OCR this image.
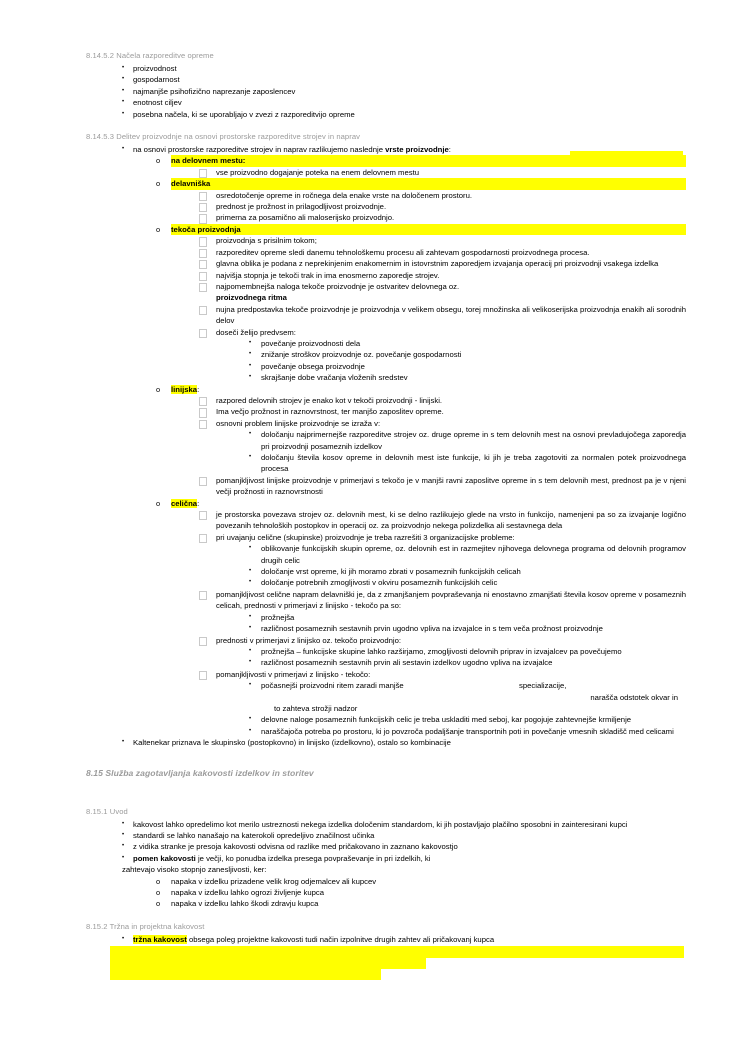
8.14.5.2 Načela razporeditve opreme
•
proizvodnost
•
gospodarnost
•
najmanjše psihofizično naprezanje zaposlencev
•
enotnost ciljev
•
posebna načela, ki se uporabljajo v zvezi z razporeditvijo opreme
8.14.5.3 Delitev proizvodnje na osnovi prostorske razporeditve strojev in naprav
•
na osnovi prostorske razporeditve strojev in naprav razlikujemo naslednje vrste proizvodnje:
o
na delovnem mestu:
vse proizvodno dogajanje poteka na enem delovnem mestu
o
delavniška
osredotočenje opreme in ročnega dela enake vrste na določenem prostoru.
prednost je prožnost in prilagodljivost proizvodnje.
primerna za posamično ali maloserijsko proizvodnjo.
o
tekoča proizvodnja
proizvodnja s prisilnim tokom;
razporeditev opreme sledi danemu tehnološkemu procesu ali zahtevam gospodarnosti proizvodnega procesa.
glavna oblika je podana z neprekinjenim enakomernim in istovrstnim zaporedjem izvajanja operacij pri proizvodnji vsakega izdelka
najvišja stopnja je tekoči trak in ima enosmerno zaporedje strojev.
najpomembnejša naloga tekoče proizvodnje je ostvaritev delovnega oz.
proizvodnega ritma
nujna predpostavka tekoče proizvodnje je proizvodnja v velikem obsegu, torej množinska ali velikoserijska proizvodnja enakih ali sorodnih delov
doseči želijo predvsem:
•
povečanje proizvodnosti dela
•
znižanje stroškov proizvodnje oz. povečanje gospodarnosti
•
povečanje obsega proizvodnje
•
skrajšanje dobe vračanja vloženih sredstev
o
linijska:
razpored delovnih strojev je enako kot v tekoči proizvodnji - linijski.
Ima večjo prožnost in raznovrstnost, ter manjšo zaposlitev opreme.
osnovni problem linijske proizvodnje se izraža v:
•
določanju najprimernejše razporeditve strojev oz. druge opreme in s tem delovnih mest na osnovi prevladujočega zaporedja pri proizvodnji posameznih izdelkov
•
določanju števila kosov opreme in delovnih mest iste funkcije, ki jih je treba zagotoviti za normalen potek proizvodnega procesa
pomanjkljivost linijske proizvodnje v primerjavi s tekočo je v manjši ravni zaposlitve opreme in s tem delovnih mest, prednost pa je v njeni večji prožnosti in raznovrstnosti
o
celična:
je prostorska povezava strojev oz. delovnih mest, ki se delno razlikujejo glede na vrsto in funkcijo, namenjeni pa so za izvajanje logično povezanih tehnoloških postopkov in operacij oz. za proizvodnjo nekega polizdelka ali sestavnega dela
pri uvajanju celične (skupinske) proizvodnje je treba razrešiti 3 organizacijske probleme:
•
oblikovanje funkcijskih skupin opreme, oz. delovnih est in razmejitev njihovega delovnega programa od delovnih programov drugih celic
•
določanje vrst opreme, ki jih moramo zbrati v posameznih funkcijskih celicah
•
določanje potrebnih zmogljivosti v okviru posameznih funkcijskih celic
pomanjkljivost celične napram delavniški je, da z zmanjšanjem povpraševanja ni enostavno zmanjšati števila kosov opreme v posameznih celicah, prednosti v primerjavi z linijsko - tekočo pa so:
•
prožnejša
•
različnost posameznih sestavnih prvin ugodno vpliva na izvajalce in s tem veča prožnost proizvodnje
prednosti v primerjavi z linijsko oz. tekočo proizvodnjo:
•
prožnejša – funkcijske skupine lahko razširjamo, zmogljivosti delovnih priprav in izvajalcev pa povečujemo
•
različnost posameznih sestavnih prvin ali sestavin izdelkov ugodno vpliva na izvajalce
pomanjkljivosti v primerjavi z linijsko - tekočo:
•
počasnejši proizvodni ritem zaradi manjše	specializacije,
narašča odstotek okvar in
to zahteva strožji nadzor
•
delovne naloge posameznih funkcijskih celic je treba uskladiti med seboj, kar pogojuje zahtevnejše krmiljenje
•
naraščajoča potreba po prostoru, ki jo povzroča podaljšanje transportnih poti in povečanje vmesnih skladišč med celicami
•
Kaltenekar priznava le skupinsko (postopkovno) in linijsko (izdelkovno), ostalo so kombinacije
8.15 Služba zagotavljanja kakovosti izdelkov in storitev
8.15.1 Uvod
•
kakovost lahko opredelimo kot merilo ustreznosti nekega izdelka določenim standardom, ki jih postavljajo plačilno sposobni in zainteresirani kupci
•
standardi se lahko nanašajo na katerokoli opredeljivo značilnost učinka
•
z vidika stranke je presoja kakovosti odvisna od razlike med pričakovano in zaznano kakovostjo
•
pomen kakovosti je večji, ko ponudba izdelka presega povpraševanje in pri izdelkih, ki
zahtevajo visoko stopnjo zanesljivosti, ker:
o
napaka v izdelku prizadene velik krog odjemalcev ali kupcev
o
napaka v izdelku lahko ogrozi življenje kupca
o
napaka v izdelku lahko škodi zdravju kupca
8.15.2 Tržna in projektna kakovost
•
tržna kakovost obsega poleg projektne kakovosti tudi način izpolnitve drugih zahtev ali pričakovanj kupca
